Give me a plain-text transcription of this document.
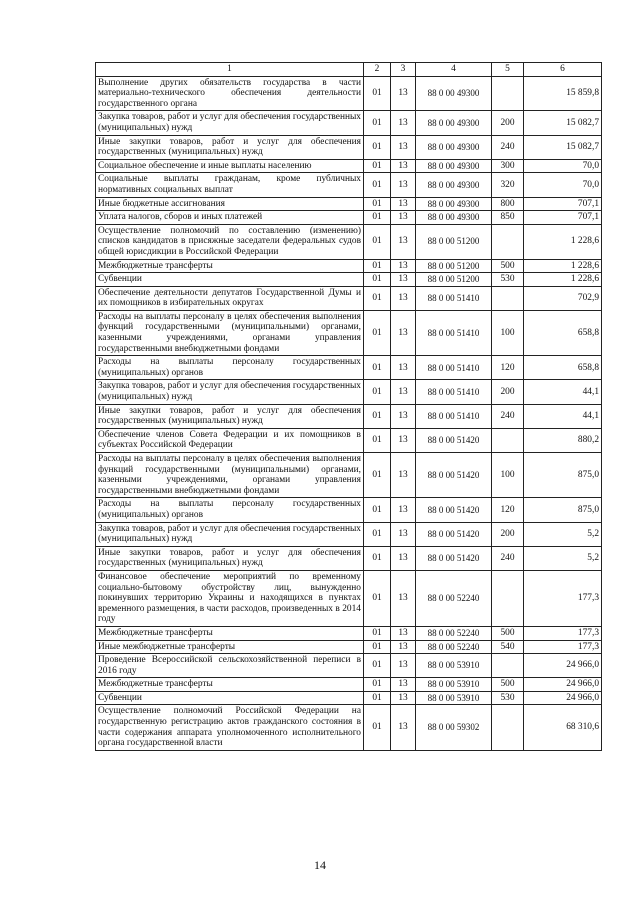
1	2	3	4	5	6
Выполнение других обязательств государства в части материально-технического обеспечения деятельности государственного органа	01	13	88 0 00 49300		15 859,8
Закупка товаров, работ и услуг для обеспечения государственных (муниципальных) нужд	01	13	88 0 00 49300	200	15 082,7
Иные закупки товаров, работ и услуг для обеспечения государственных (муниципальных) нужд	01	13	88 0 00 49300	240	15 082,7
Социальное обеспечение и иные выплаты населению	01	13	88 0 00 49300	300	70,0
Социальные выплаты гражданам, кроме публичных нормативных социальных выплат	01	13	88 0 00 49300	320	70,0
Иные бюджетные ассигнования	01	13	88 0 00 49300	800	707,1
Уплата налогов, сборов и иных платежей	01	13	88 0 00 49300	850	707,1
Осуществление полномочий по составлению (изменению) списков кандидатов в присяжные заседатели федеральных судов общей юрисдикции в Российской Федерации	01	13	88 0 00 51200		1 228,6
Межбюджетные трансферты	01	13	88 0 00 51200	500	1 228,6
Субвенции	01	13	88 0 00 51200	530	1 228,6
Обеспечение деятельности депутатов Государственной Думы и их помощников в избирательных округах	01	13	88 0 00 51410		702,9
Расходы на выплаты персоналу в целях обеспечения выполнения функций государственными (муниципальными) органами, казенными учреждениями, органами управления государственными внебюджетными фондами	01	13	88 0 00 51410	100	658,8
Расходы на выплаты персоналу государственных (муниципальных) органов	01	13	88 0 00 51410	120	658,8
Закупка товаров, работ и услуг для обеспечения государственных (муниципальных) нужд	01	13	88 0 00 51410	200	44,1
Иные закупки товаров, работ и услуг для обеспечения государственных (муниципальных) нужд	01	13	88 0 00 51410	240	44,1
Обеспечение членов Совета Федерации и их помощников в субъектах Российской Федерации	01	13	88 0 00 51420		880,2
Расходы на выплаты персоналу в целях обеспечения выполнения функций государственными (муниципальными) органами, казенными учреждениями, органами управления государственными внебюджетными фондами	01	13	88 0 00 51420	100	875,0
Расходы на выплаты персоналу государственных (муниципальных) органов	01	13	88 0 00 51420	120	875,0
Закупка товаров, работ и услуг для обеспечения государственных (муниципальных) нужд	01	13	88 0 00 51420	200	5,2
Иные закупки товаров, работ и услуг для обеспечения государственных (муниципальных) нужд	01	13	88 0 00 51420	240	5,2
Финансовое обеспечение мероприятий по временному социально-бытовому обустройству лиц, вынужденно покинувших территорию Украины и находящихся в пунктах временного размещения, в части расходов, произведенных в 2014 году	01	13	88 0 00 52240		177,3
Межбюджетные трансферты	01	13	88 0 00 52240	500	177,3
Иные межбюджетные трансферты	01	13	88 0 00 52240	540	177,3
Проведение Всероссийской сельскохозяйственной переписи в 2016 году	01	13	88 0 00 53910		24 966,0
Межбюджетные трансферты	01	13	88 0 00 53910	500	24 966,0
Субвенции	01	13	88 0 00 53910	530	24 966,0
Осуществление полномочий Российской Федерации на государственную регистрацию актов гражданского состояния в части содержания аппарата уполномоченного исполнительного органа государственной власти	01	13	88 0 00 59302		68 310,6
14
